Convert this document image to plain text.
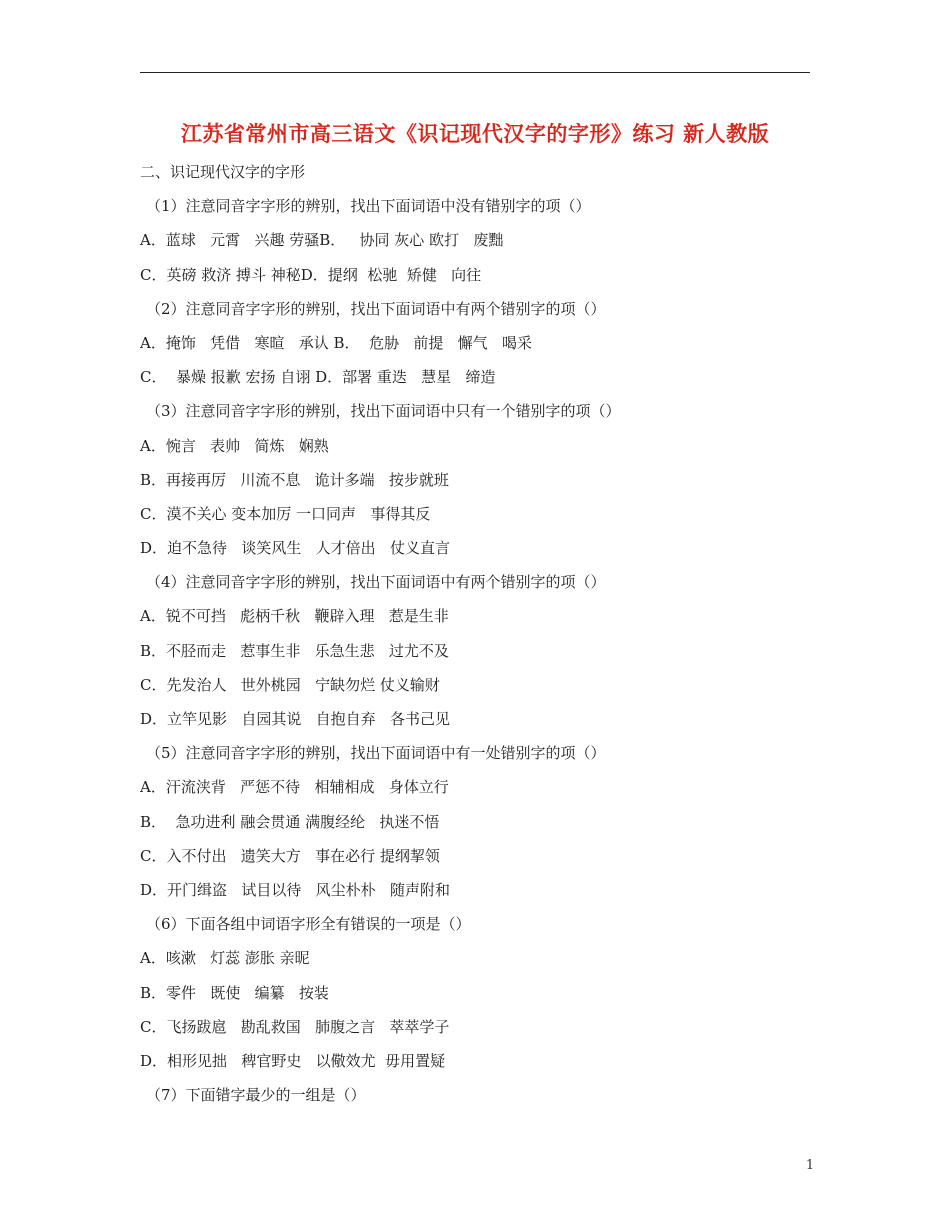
江苏省常州市高三语文《识记现代汉字的字形》练习 新人教版
二、识记现代汉字的字形
（1）注意同音字字形的辨别，找出下面词语中没有错别字的项（）
A．蓝球   元霄   兴趣 劳骚B．   协同 灰心 欧打   废黜
C．英磅 救济 搏斗 神秘D．提纲  松驰  矫健   向往
（2）注意同音字字形的辨别，找出下面词语中有两个错别字的项（）
A．掩饰   凭借   寒暄   承认 B．  危胁   前提   懈气   喝采
C．  暴燥 报歉 宏扬 自诩 D．部署 重迭   慧星   缔造
（3）注意同音字字形的辨别，找出下面词语中只有一个错别字的项（）
A．惋言   表帅   简炼   娴熟
B．再接再厉   川流不息   诡计多端   按步就班
C．漠不关心 变本加厉 一口同声   事得其反
D．迫不急待   谈笑风生   人才倍出   仗义直言
（4）注意同音字字形的辨别，找出下面词语中有两个错别字的项（）
A．锐不可挡   彪柄千秋   鞭辟入理   惹是生非
B．不胫而走   惹事生非   乐急生悲   过尤不及
C．先发治人   世外桃园   宁缺勿烂 仗义输财
D．立竿见影   自园其说   自抱自弃   各书己见
（5）注意同音字字形的辨别，找出下面词语中有一处错别字的项（）
A．汗流浃背   严惩不待   相辅相成   身体立行
B．  急功进利 融会贯通 满腹经纶   执迷不悟
C．入不付出   遗笑大方   事在必行 提纲挈领
D．开门缉盗   试目以待   风尘朴朴   随声附和
（6）下面各组中词语字形全有错误的一项是（）
A．咳漱   灯蕊 澎胀 亲昵
B．零件   既使   编纂   按装
C．飞扬跋扈   勘乱救国   肺腹之言   萃萃学子
D．相形见拙   稗官野史   以儆效尤  毋用置疑
（7）下面错字最少的一组是（）
1
